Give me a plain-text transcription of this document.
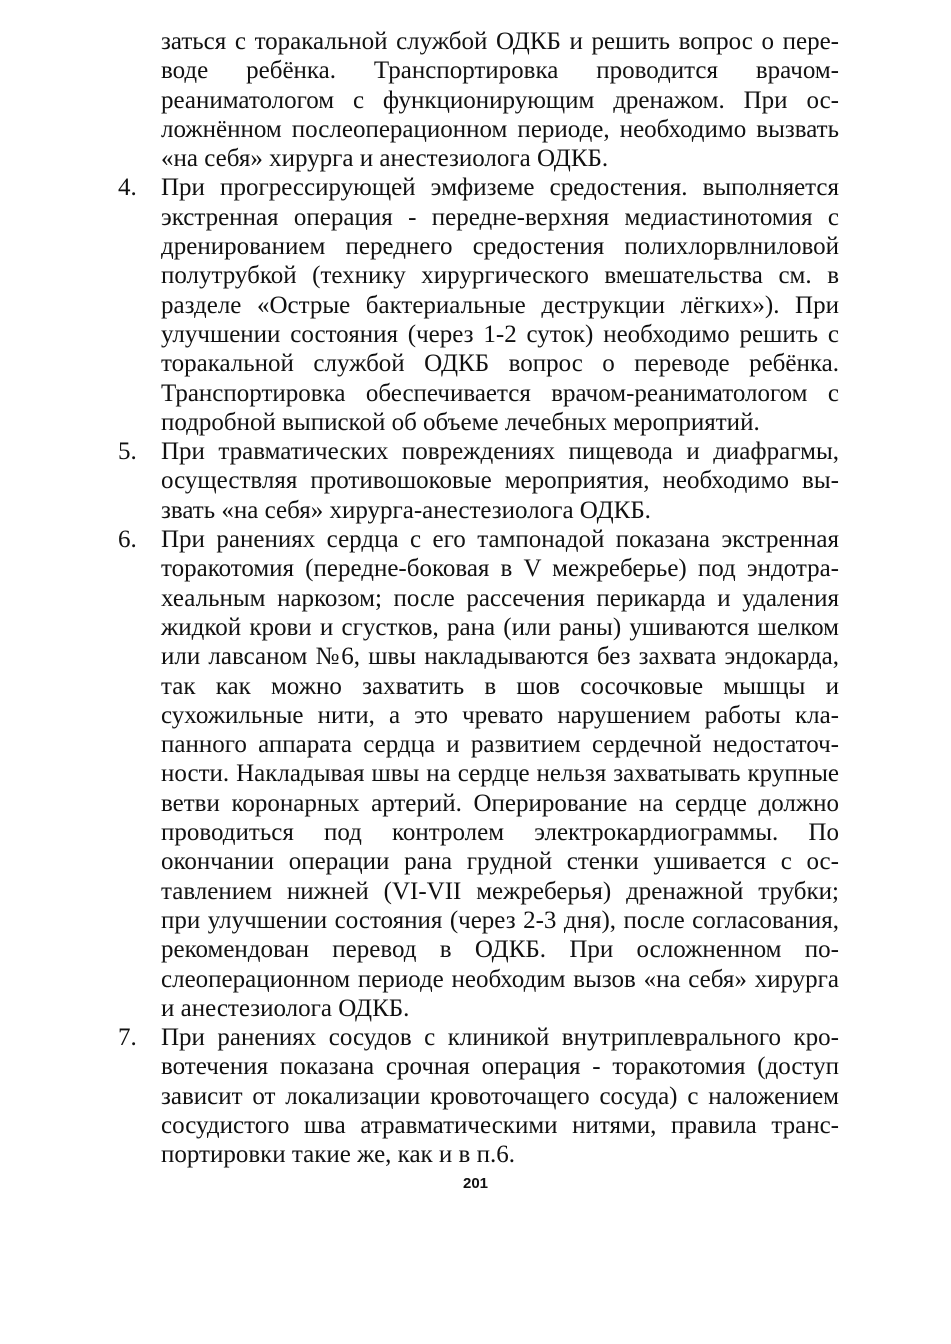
заться с торакальной службой ОДКБ и решить вопрос о переводе ребёнка. Транспортировка проводится врачом-реаниматологом с функционирующим дренажом. При осложнённом послеоперационном периоде, необходимо вызвать «на себя» хирурга и анестезиолога ОДКБ.
4. При прогрессирующей эмфиземе средостения. выполняется экстренная операция - передне-верхняя медиастинотомия с дренированием переднего средостения полихлорвлниловой полутрубкой (технику хирургического вмешательства см. в разделе «Острые бактериальные деструкции лёгких»). При улучшении состояния (через 1-2 суток) необходимо решить с торакальной службой ОДКБ вопрос о переводе ребёнка. Транспортировка обеспечивается врачом-реаниматологом с подробной выпиской об объеме лечебных мероприятий.
5. При травматических повреждениях пищевода и диафрагмы, осуществляя противошоковые мероприятия, необходимо вызвать «на себя» хирурга-анестезиолога ОДКБ.
6. При ранениях сердца с его тампонадой показана экстренная торакотомия (передне-боковая в V межреберье) под эндотрахеальным наркозом; после рассечения перикарда и удаления жидкой крови и сгустков, рана (или раны) ушиваются шелком или лавсаном №6, швы накладываются без захвата эндокарда, так как можно захватить в шов сосочковые мышцы и сухожильные нити, а это чревато нарушением работы клапанного аппарата сердца и развитием сердечной недостаточности. Накладывая швы на сердце нельзя захватывать крупные ветви коронарных артерий. Оперирование на сердце должно проводиться под контролем электрокардиограммы. По окончании операции рана грудной стенки ушивается с оставлением нижней (VI-VII межреберья) дренажной трубки; при улучшении состояния (через 2-3 дня), после согласования, рекомендован перевод в ОДКБ. При осложненном послеоперационном периоде необходим вызов «на себя» хирурга и анестезиолога ОДКБ.
7. При ранениях сосудов с клиникой внутриплеврального кровотечения показана срочная операция - торакотомия (доступ зависит от локализации кровоточащего сосуда) с наложением сосудистого шва атравматическими нитями, правила транспортировки такие же, как и в п.6.
201
